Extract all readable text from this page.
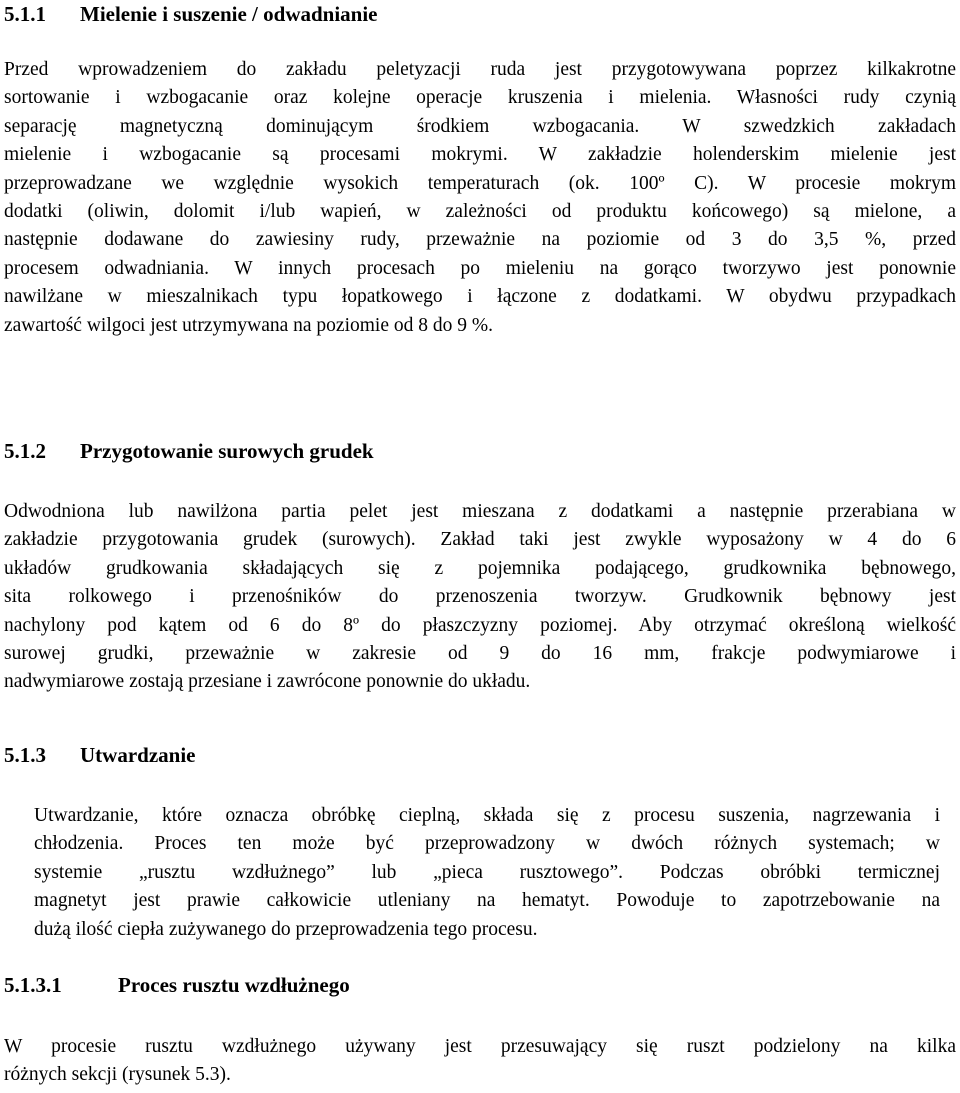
5.1.1 Mielenie i suszenie / odwadnianie
Przed wprowadzeniem do zakładu peletyzacji ruda jest przygotowywana poprzez kilkakrotne
sortowanie i wzbogacanie oraz kolejne operacje kruszenia i mielenia. Własności rudy czynią
separację magnetyczną dominującym środkiem wzbogacania. W szwedzkich zakładach
mielenie i wzbogacanie są procesami mokrymi. W zakładzie holenderskim mielenie jest
przeprowadzane we względnie wysokich temperaturach (ok. 100º C). W procesie mokrym
dodatki (oliwin, dolomit i/lub wapień, w zależności od produktu końcowego) są mielone, a
następnie dodawane do zawiesiny rudy, przeważnie na poziomie od 3 do 3,5 %, przed
procesem odwadniania. W innych procesach po mieleniu na gorąco tworzywo jest ponownie
nawilżane w mieszalnikach typu łopatkowego i łączone z dodatkami. W obydwu przypadkach
zawartość wilgoci jest utrzymywana na poziomie od 8 do 9 %.
5.1.2 Przygotowanie surowych grudek
Odwodniona lub nawilżona partia pelet jest mieszana z dodatkami a następnie przerabiana w
zakładzie przygotowania grudek (surowych). Zakład taki jest zwykle wyposażony w 4 do 6
układów grudkowania składających się z pojemnika podającego, grudkownika bębnowego,
sita rolkowego i przenośników do przenoszenia tworzyw. Grudkownik bębnowy jest
nachylony pod kątem od 6 do 8º do płaszczyzny poziomej. Aby otrzymać określoną wielkość
surowej grudki, przeważnie w zakresie od 9 do 16 mm, frakcje podwymiarowe i
nadwymiarowe zostają przesiane i zawrócone ponownie do układu.
5.1.3 Utwardzanie
Utwardzanie, które oznacza obróbkę cieplną, składa się z procesu suszenia, nagrzewania i
chłodzenia. Proces ten może być przeprowadzony w dwóch różnych systemach; w
systemie „rusztu wzdłużnego” lub „pieca rusztowego”. Podczas obróbki termicznej
magnetyt jest prawie całkowicie utleniany na hematyt. Powoduje to zapotrzebowanie na
dużą ilość ciepła zużywanego do przeprowadzenia tego procesu.
5.1.3.1	Proces rusztu wzdłużnego
W procesie rusztu wzdłużnego używany jest przesuwający się ruszt podzielony na kilka
różnych sekcji (rysunek 5.3).
